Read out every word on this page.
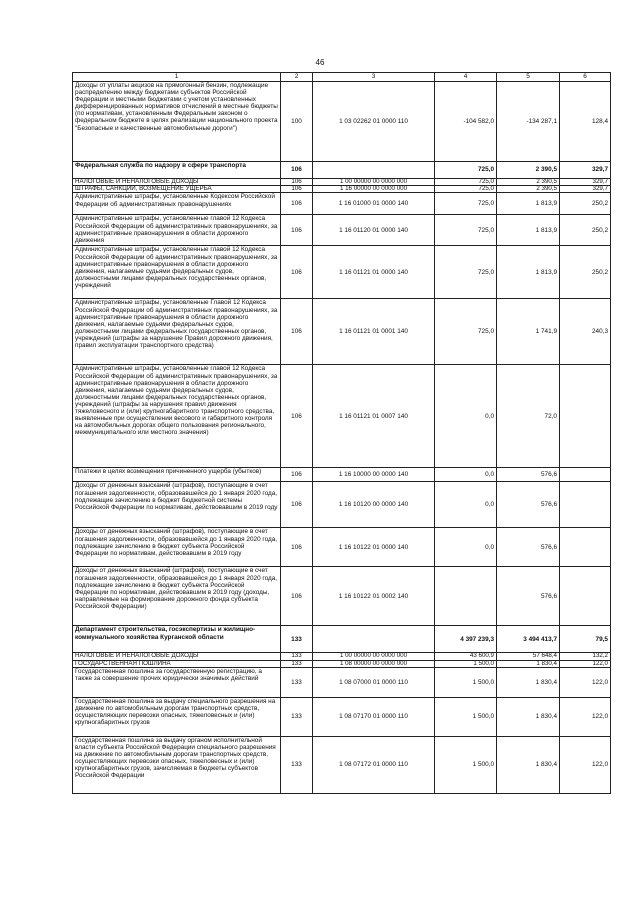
46
1	2	3	4	5	6
Доходы от уплаты акцизов на прямогонный бензин, подлежащие распределению между бюджетами субъектов Российской Федерации и местными бюджетами с учетом установленных дифференцированных нормативов отчислений в местные бюджеты (по нормативам, установленным Федеральным законом о федеральном бюджете в целях реализации национального проекта "Безопасные и качественные автомобильные дороги")	100	1 03 02262 01 0000 110	-104 582,0	-134 287,1	128,4
Федеральная служба по надзору в сфере транспорта	106		725,0	2 390,5	329,7
НАЛОГОВЫЕ И НЕНАЛОГОВЫЕ ДОХОДЫ	106	1 00 00000 00 0000 000	725,0	2 390,5	329,7
ШТРАФЫ, САНКЦИИ, ВОЗМЕЩЕНИЕ УЩЕРБА	106	1 16 00000 00 0000 000	725,0	2 390,5	329,7
Административные штрафы, установленные Кодексом Российской Федерации об административных правонарушениях	106	1 16 01000 01 0000 140	725,0	1 813,9	250,2
Административные штрафы, установленные главой 12 Кодекса Российской Федерации об административных правонарушениях, за административные правонарушения в области дорожного движения	106	1 16 01120 01 0000 140	725,0	1 813,9	250,2
Административные штрафы, установленные главой 12 Кодекса Российской Федерации об административных правонарушениях, за административные правонарушения в области дорожного движения, налагаемые судьями федеральных судов, должностными лицами федеральных государственных органов, учреждений	106	1 16 01121 01 0000 140	725,0	1 813,9	250,2
Административные штрафы, установленные Главой 12 Кодекса Российской Федерации об административных правонарушениях, за административные правонарушения в области дорожного движения, налагаемые судьями федеральных судов, должностными лицами федеральных государственных органов, учреждений (штрафы за нарушение Правил дорожного движения, правил эксплуатации транспортного средства)	106	1 16 01121 01 0001 140	725,0	1 741,9	240,3
Административные штрафы, установленные главой 12 Кодекса Российской Федерации об административных правонарушениях, за административные правонарушения в области дорожного движения, налагаемые судьями федеральных судов, должностными лицами федеральных государственных органов, учреждений (штрафы за нарушения правил движения тяжеловесного и (или) крупногабаритного транспортного средства, выявленные при осуществлении весового и габаритного контроля на автомобильных дорогах общего пользования регионального, межмуниципального или местного значения)	106	1 16 01121 01 0007 140	0,0	72,0	
Платежи в целях возмещения причиненного ущерба (убытков)	106	1 16 10000 00 0000 140	0,0	576,6	
Доходы от денежных взысканий (штрафов), поступающие в счет погашения задолженности, образовавшейся до 1 января 2020 года, подлежащие зачислению в бюджет бюджетной системы Российской Федерации по нормативам, действовавшим в 2019 году	106	1 16 10120 00 0000 140	0,0	576,6	
Доходы от денежных взысканий (штрафов), поступающие в счет погашения задолженности, образовавшейся до 1 января 2020 года, подлежащие зачислению в бюджет субъекта Российской Федерации по нормативам, действовавшим в 2019 году	106	1 16 10122 01 0000 140	0,0	576,6	
Доходы от денежных взысканий (штрафов), поступающие в счет погашения задолженности, образовавшейся до 1 января 2020 года, подлежащие зачислению в бюджет субъекта Российской Федерации по нормативам, действовавшим в 2019 году (доходы, направляемые на формирование дорожного фонда субъекта Российской Федерации)	106	1 16 10122 01 0002 140		576,6	
Департамент строительства, госэкспертизы и жилищно-коммунального хозяйства Курганской области	133		4 397 239,3	3 494 413,7	79,5
НАЛОГОВЫЕ И НЕНАЛОГОВЫЕ ДОХОДЫ	133	1 00 00000 00 0000 000	43 600,9	57 648,4	132,2
ГОСУДАРСТВЕННАЯ ПОШЛИНА	133	1 08 00000 00 0000 000	1 500,0	1 830,4	122,0
Государственная пошлина за государственную регистрацию, а также за совершение прочих юридически значимых действий	133	1 08 07000 01 0000 110	1 500,0	1 830,4	122,0
Государственная пошлина за выдачу специального разрешения на движение по автомобильным дорогам транспортных средств, осуществляющих перевозки опасных, тяжеловесных и (или) крупногабаритных грузов	133	1 08 07170 01 0000 110	1 500,0	1 830,4	122,0
Государственная пошлина за выдачу органом исполнительной власти субъекта Российской Федерации специального разрешения на движение по автомобильным дорогам транспортных средств, осуществляющих перевозки опасных, тяжеловесных и (или) крупногабаритных грузов, зачисляемая в бюджеты субъектов Российской Федерации	133	1 08 07172 01 0000 110	1 500,0	1 830,4	122,0
